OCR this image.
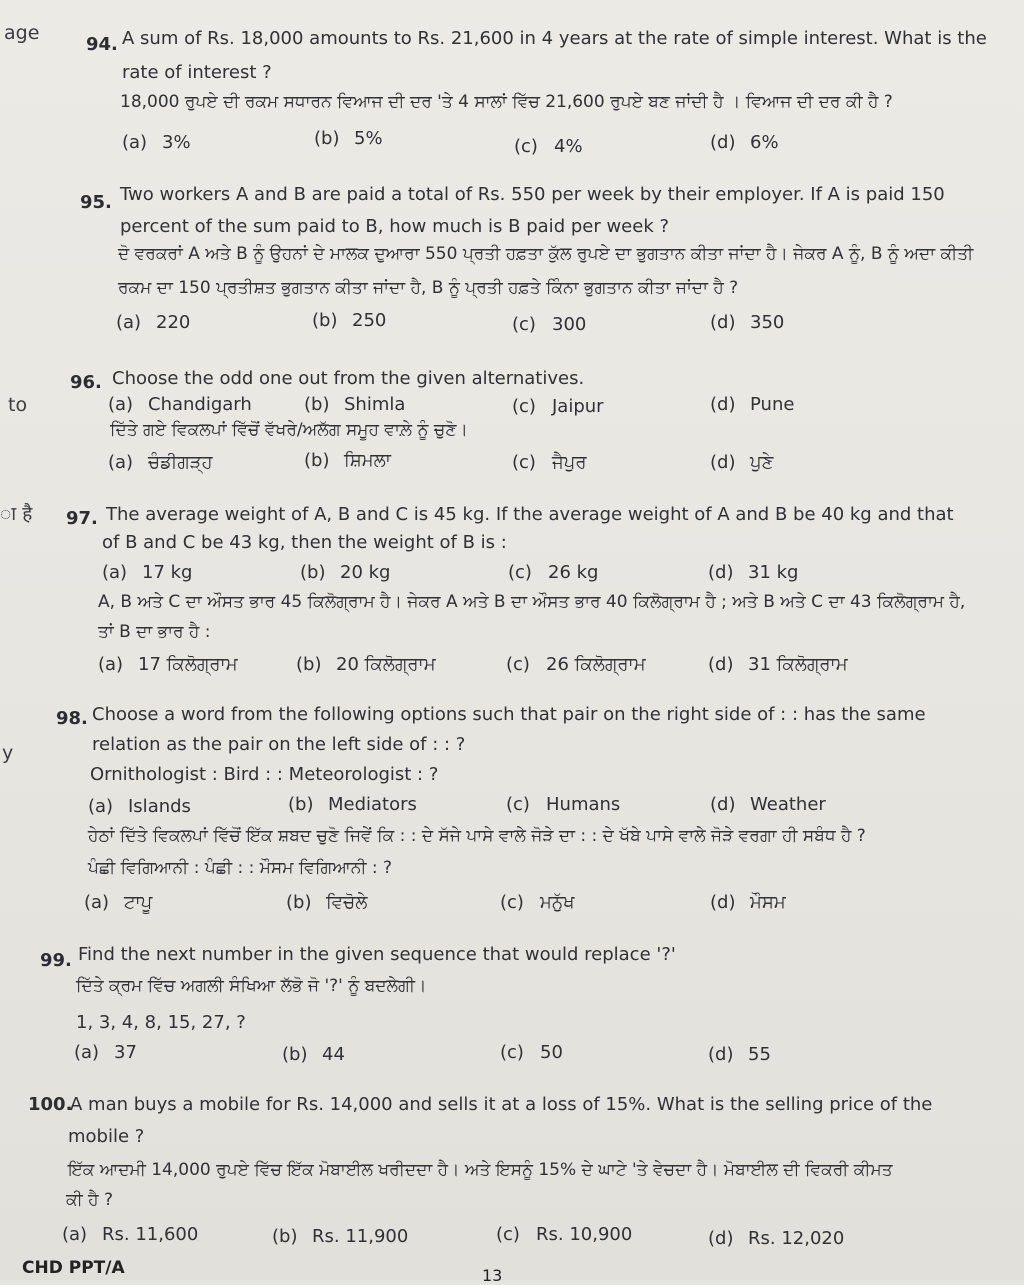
age
to
ा है
y
94. A sum of Rs. 18,000 amounts to Rs. 21,600 in 4 years at the rate of simple interest. What is the
rate of interest ?
18,000 ਰੁਪਏ ਦੀ ਰਕਮ ਸਧਾਰਨ ਵਿਆਜ ਦੀ ਦਰ 'ਤੇ 4 ਸਾਲਾਂ ਵਿੱਚ 21,600 ਰੁਪਏ ਬਣ ਜਾਂਦੀ ਹੈ । ਵਿਆਜ ਦੀ ਦਰ ਕੀ ਹੈ ?
(a) 3%	(b) 5%	(c) 4%	(d) 6%
95. Two workers A and B are paid a total of Rs. 550 per week by their employer. If A is paid 150
percent of the sum paid to B, how much is B paid per week ?
ਦੋ ਵਰਕਰਾਂ A ਅਤੇ B ਨੂੰ ਉਹਨਾਂ ਦੇ ਮਾਲਕ ਦੁਆਰਾ 550 ਪ੍ਰਤੀ ਹਫ਼ਤਾ ਕੁੱਲ ਰੁਪਏ ਦਾ ਭੁਗਤਾਨ ਕੀਤਾ ਜਾਂਦਾ ਹੈ। ਜੇਕਰ A ਨੂੰ, B ਨੂੰ ਅਦਾ ਕੀਤੀ
ਰਕਮ ਦਾ 150 ਪ੍ਰਤੀਸ਼ਤ ਭੁਗਤਾਨ ਕੀਤਾ ਜਾਂਦਾ ਹੈ, B ਨੂੰ ਪ੍ਰਤੀ ਹਫ਼ਤੇ ਕਿੰਨਾ ਭੁਗਤਾਨ ਕੀਤਾ ਜਾਂਦਾ ਹੈ ?
(a) 220	(b) 250	(c) 300	(d) 350
96. Choose the odd one out from the given alternatives.
(a) Chandigarh	(b) Shimla	(c) Jaipur	(d) Pune
ਦਿੱਤੇ ਗਏ ਵਿਕਲਪਾਂ ਵਿੱਚੋਂ ਵੱਖਰੇ/ਅਲੱਗ ਸਮੂਹ ਵਾਲ਼ੇ ਨੂੰ ਚੁਣੋ।
(a) ਚੰਡੀਗੜ੍ਹ	(b) ਸ਼ਿਮਲਾ	(c) ਜੈਪੁਰ	(d) ਪੁਣੇ
97. The average weight of A, B and C is 45 kg. If the average weight of A and B be 40 kg and that
of B and C be 43 kg, then the weight of B is :
(a) 17 kg	(b) 20 kg	(c) 26 kg	(d) 31 kg
A, B ਅਤੇ C ਦਾ ਔਸਤ ਭਾਰ 45 ਕਿਲੋਗ੍ਰਾਮ ਹੈ। ਜੇਕਰ A ਅਤੇ B ਦਾ ਔਸਤ ਭਾਰ 40 ਕਿਲੋਗ੍ਰਾਮ ਹੈ ; ਅਤੇ B ਅਤੇ C ਦਾ 43 ਕਿਲੋਗ੍ਰਾਮ ਹੈ,
ਤਾਂ B ਦਾ ਭਾਰ ਹੈ :
(a) 17 ਕਿਲੋਗ੍ਰਾਮ	(b) 20 ਕਿਲੋਗ੍ਰਾਮ	(c) 26 ਕਿਲੋਗ੍ਰਾਮ	(d) 31 ਕਿਲੋਗ੍ਰਾਮ
98. Choose a word from the following options such that pair on the right side of : : has the same
relation as the pair on the left side of : : ?
Ornithologist : Bird : : Meteorologist : ?
(a) Islands	(b) Mediators	(c) Humans	(d) Weather
ਹੇਠਾਂ ਦਿੱਤੇ ਵਿਕਲਪਾਂ ਵਿੱਚੋਂ ਇੱਕ ਸ਼ਬਦ ਚੁਣੋ ਜਿਵੇਂ ਕਿ : : ਦੇ ਸੱਜੇ ਪਾਸੇ ਵਾਲੇ ਜੋੜੇ ਦਾ : : ਦੇ ਖੱਬੇ ਪਾਸੇ ਵਾਲੇ ਜੋੜੇ ਵਰਗਾ ਹੀ ਸਬੰਧ ਹੈ ?
ਪੰਛੀ ਵਿਗਿਆਨੀ : ਪੰਛੀ : : ਮੌਸਮ ਵਿਗਿਆਨੀ : ?
(a) ਟਾਪੂ	(b) ਵਿਚੋਲੇ	(c) ਮਨੁੱਖ	(d) ਮੌਸਮ
99. Find the next number in the given sequence that would replace '?'
ਦਿੱਤੇ ਕ੍ਰਮ ਵਿੱਚ ਅਗਲੀ ਸੰਖਿਆ ਲੱਭੋ ਜੋ '?' ਨੂੰ ਬਦਲੇਗੀ।
1, 3, 4, 8, 15, 27, ?
(a) 37	(b) 44	(c) 50	(d) 55
100.
A man buys a mobile for Rs. 14,000 and sells it at a loss of 15%. What is the selling price of the
mobile ?
ਇੱਕ ਆਦਮੀ 14,000 ਰੁਪਏ ਵਿੱਚ ਇੱਕ ਮੋਬਾਈਲ ਖਰੀਦਦਾ ਹੈ। ਅਤੇ ਇਸਨੂੰ 15% ਦੇ ਘਾਟੇ 'ਤੇ ਵੇਚਦਾ ਹੈ। ਮੋਬਾਈਲ ਦੀ ਵਿਕਰੀ ਕੀਮਤ
ਕੀ ਹੈ ?
(a) Rs. 11,600	(b) Rs. 11,900	(c) Rs. 10,900	(d) Rs. 12,020
CHD PPT/A	13
